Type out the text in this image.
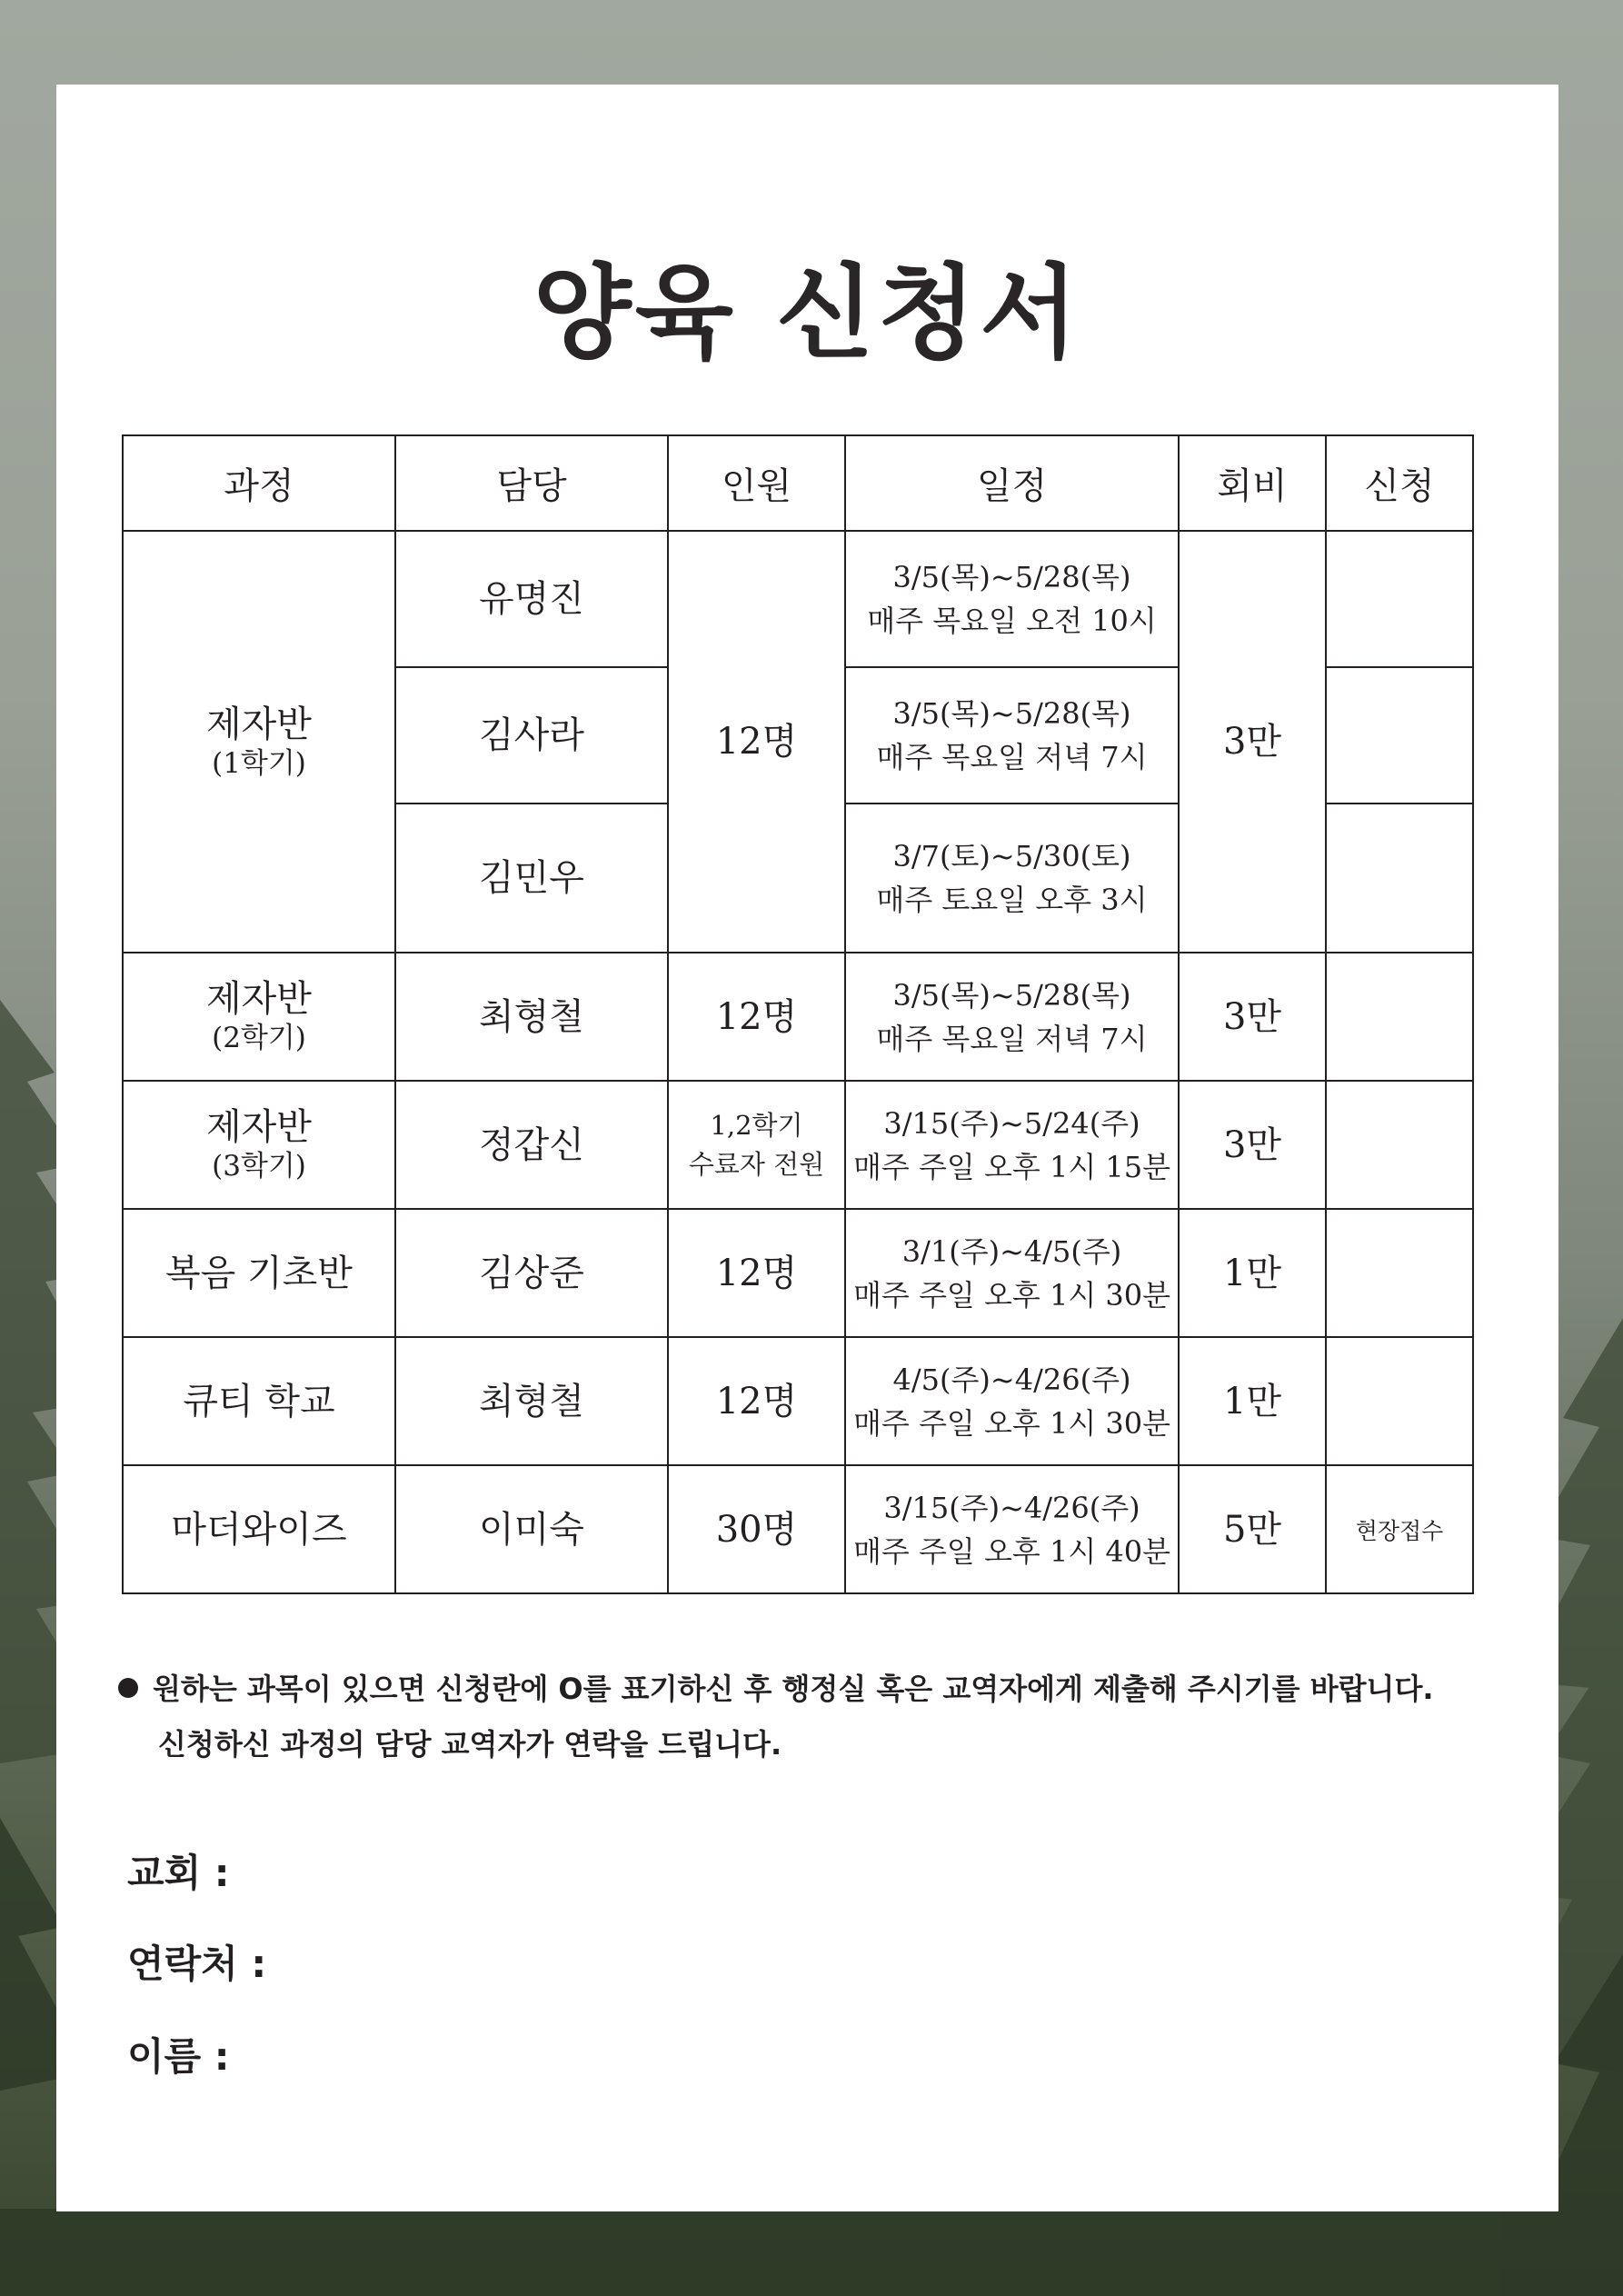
양육 신청서
과정	담당	인원	일정	회비	신청

제자반
(1학기)	유명진	12명	3/5(목)~5/28(목)
매주 목요일 오전 10시	3만	

	김사라		3/5(목)~5/28(목)
매주 목요일 저녁 7시		

	김민우		3/7(토)~5/30(토)
매주 토요일 오후 3시		

제자반
(2학기)	최형철	12명	3/5(목)~5/28(목)
매주 목요일 저녁 7시	3만	

제자반
(3학기)	정갑신	1,2학기
수료자 전원	3/15(주)~5/24(주)
매주 주일 오후 1시 15분	3만	

복음 기초반	김상준	12명	3/1(주)~4/5(주)
매주 주일 오후 1시 30분	1만	

큐티 학교	최형철	12명	4/5(주)~4/26(주)
매주 주일 오후 1시 30분	1만	

마더와이즈	이미숙	30명	3/15(주)~4/26(주)
매주 주일 오후 1시 40분	5만	현장접수
원하는 과목이 있으면 신청란에 O를 표기하신 후 행정실 혹은 교역자에게 제출해 주시기를 바랍니다.
신청하신 과정의 담당 교역자가 연락을 드립니다.
교회 :
연락처 :
이름 :
